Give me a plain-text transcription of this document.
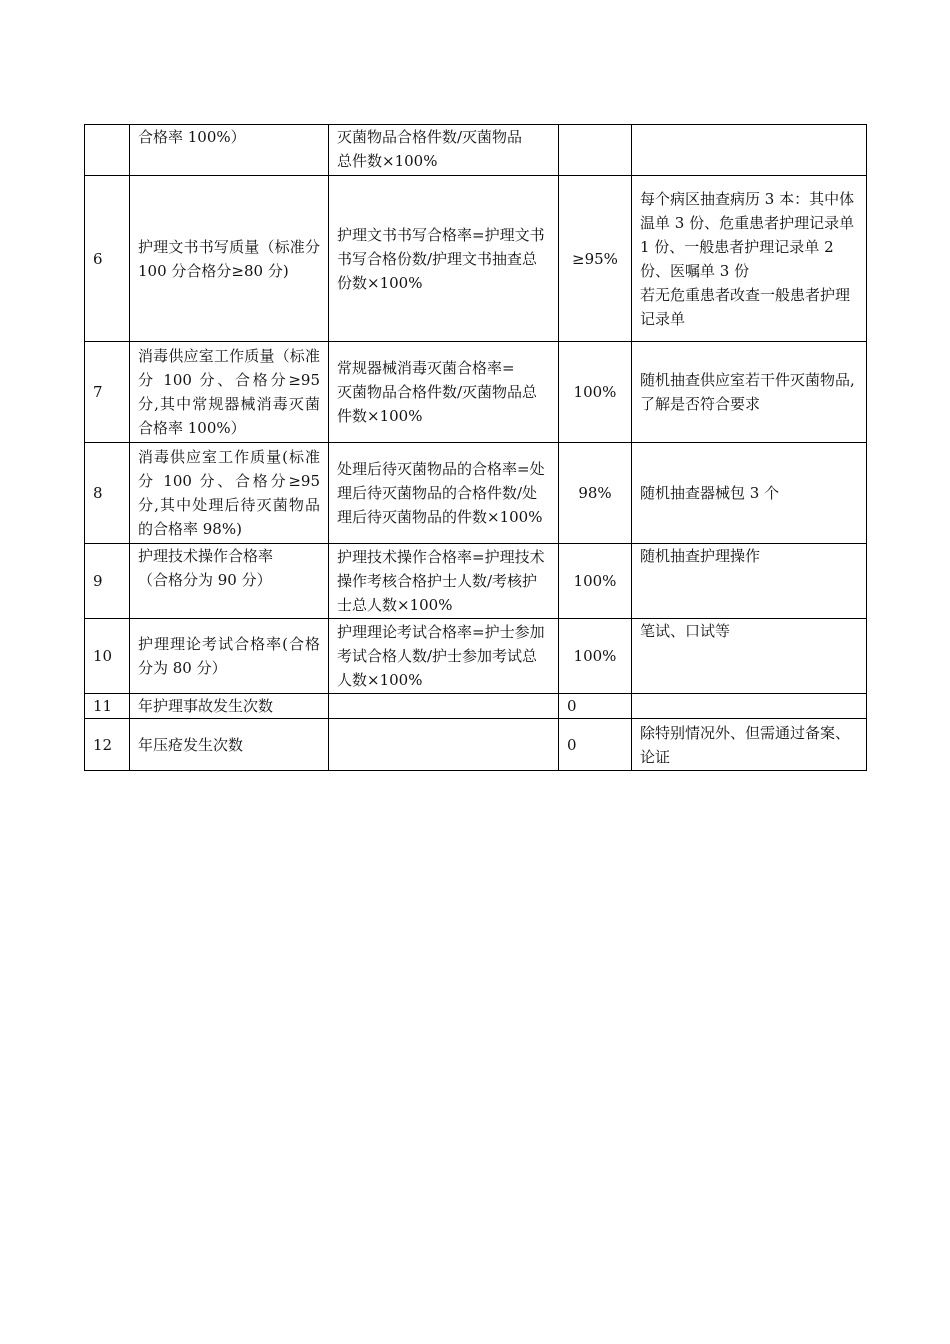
	合格率 100%）	灭菌物品合格件数/灭菌物品
总件数×100%		
6	护理文书书写质量（标准分 100 分合格分≥80 分)	护理文书书写合格率=护理文书书写合格份数/护理文书抽查总份数×100%	≥95%	每个病区抽查病历 3 本：其中体温单 3 份、危重患者护理记录单 1 份、一般患者护理记录单 2 份、医嘱单 3 份
若无危重患者改查一般患者护理记录单
7	消毒供应室工作质量（标准分 100 分、合格分≥95 分,其中常规器械消毒灭菌合格率 100%）	常规器械消毒灭菌合格率=
灭菌物品合格件数/灭菌物品总件数×100%	100%	随机抽查供应室若干件灭菌物品,了解是否符合要求
8	消毒供应室工作质量(标准分 100 分、合格分≥95 分,其中处理后待灭菌物品的合格率 98%)	处理后待灭菌物品的合格率=处理后待灭菌物品的合格件数/处理后待灭菌物品的件数×100%	98%	随机抽查器械包 3 个
9	护理技术操作合格率
（合格分为 90 分）	护理技术操作合格率=护理技术操作考核合格护士人数/考核护士总人数×100%	100%	随机抽查护理操作
10	护理理论考试合格率(合格分为 80 分）	护理理论考试合格率=护士参加考试合格人数/护士参加考试总人数×100%	100%	笔试、口试等
11	年护理事故发生次数		0	
12	年压疮发生次数		0	除特别情况外、但需通过备案、论证
